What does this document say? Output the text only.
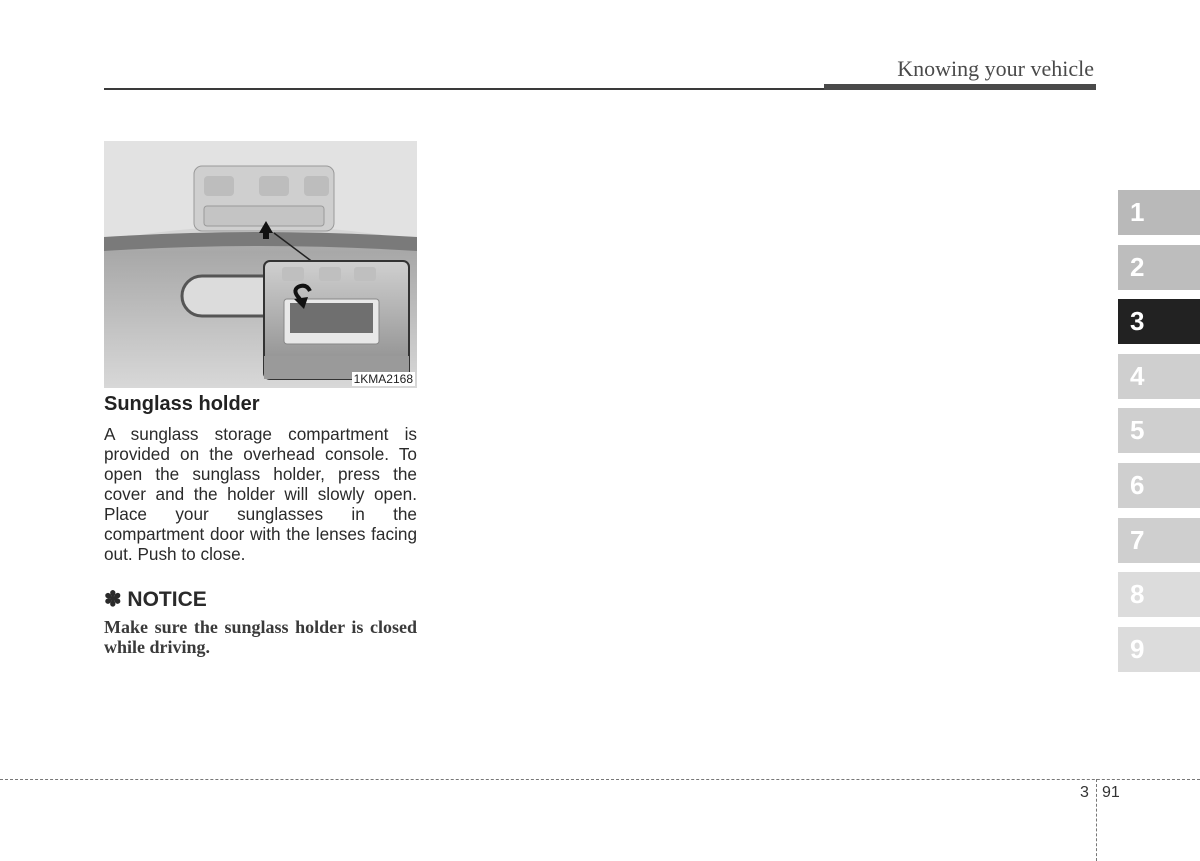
Knowing your vehicle
1KMA2168
Sunglass holder

A sunglass storage compartment is provided on the overhead console. To open the sunglass holder, press the cover and the holder will slowly open. Place your sunglasses in the compartment door with the lenses facing out. Push to close.

✽ NOTICE

Make sure the sunglass holder is closed while driving.

1
2
3
4
5
6
7
8
9
3 91
